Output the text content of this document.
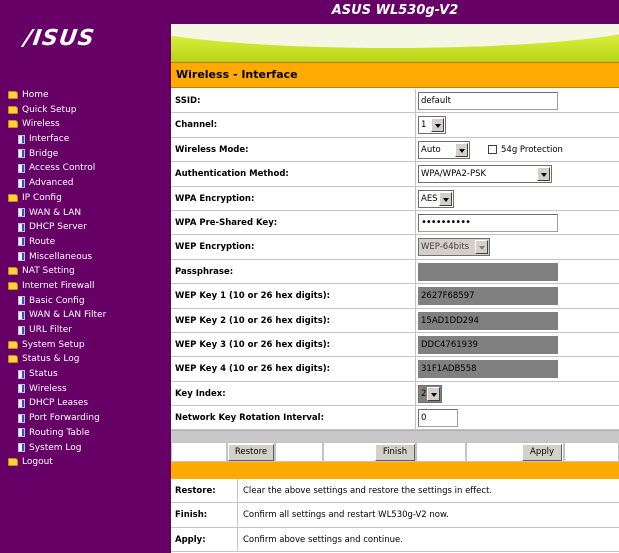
/ISUS
Home
Quick Setup
Wireless
Interface
Bridge
Access Control
Advanced
IP Config
WAN & LAN
DHCP Server
Route
Miscellaneous
NAT Setting
Internet Firewall
Basic Config
WAN & LAN Filter
URL Filter
System Setup
Status & Log
Status
Wireless
DHCP Leases
Port Forwarding
Routing Table
System Log
Logout
ASUS WL530g-V2
Wireless - Interface
SSID:	default
Channel:	1
Wireless Mode:	Auto	54g Protection
Authentication Method:	WPA/WPA2-PSK
WPA Encryption:	AES
WPA Pre-Shared Key:	••••••••••
WEP Encryption:	WEP-64bits
Passphrase:
WEP Key 1 (10 or 26 hex digits):	2627F68597
WEP Key 2 (10 or 26 hex digits):	15AD1DD294
WEP Key 3 (10 or 26 hex digits):	DDC4761939
WEP Key 4 (10 or 26 hex digits):	31F1ADB558
Key Index:	2
Network Key Rotation Interval:	0
Restore	Finish	Apply
Restore:	Clear the above settings and restore the settings in effect.
Finish:	Confirm all settings and restart WL530g-V2 now.
Apply:	Confirm above settings and continue.
